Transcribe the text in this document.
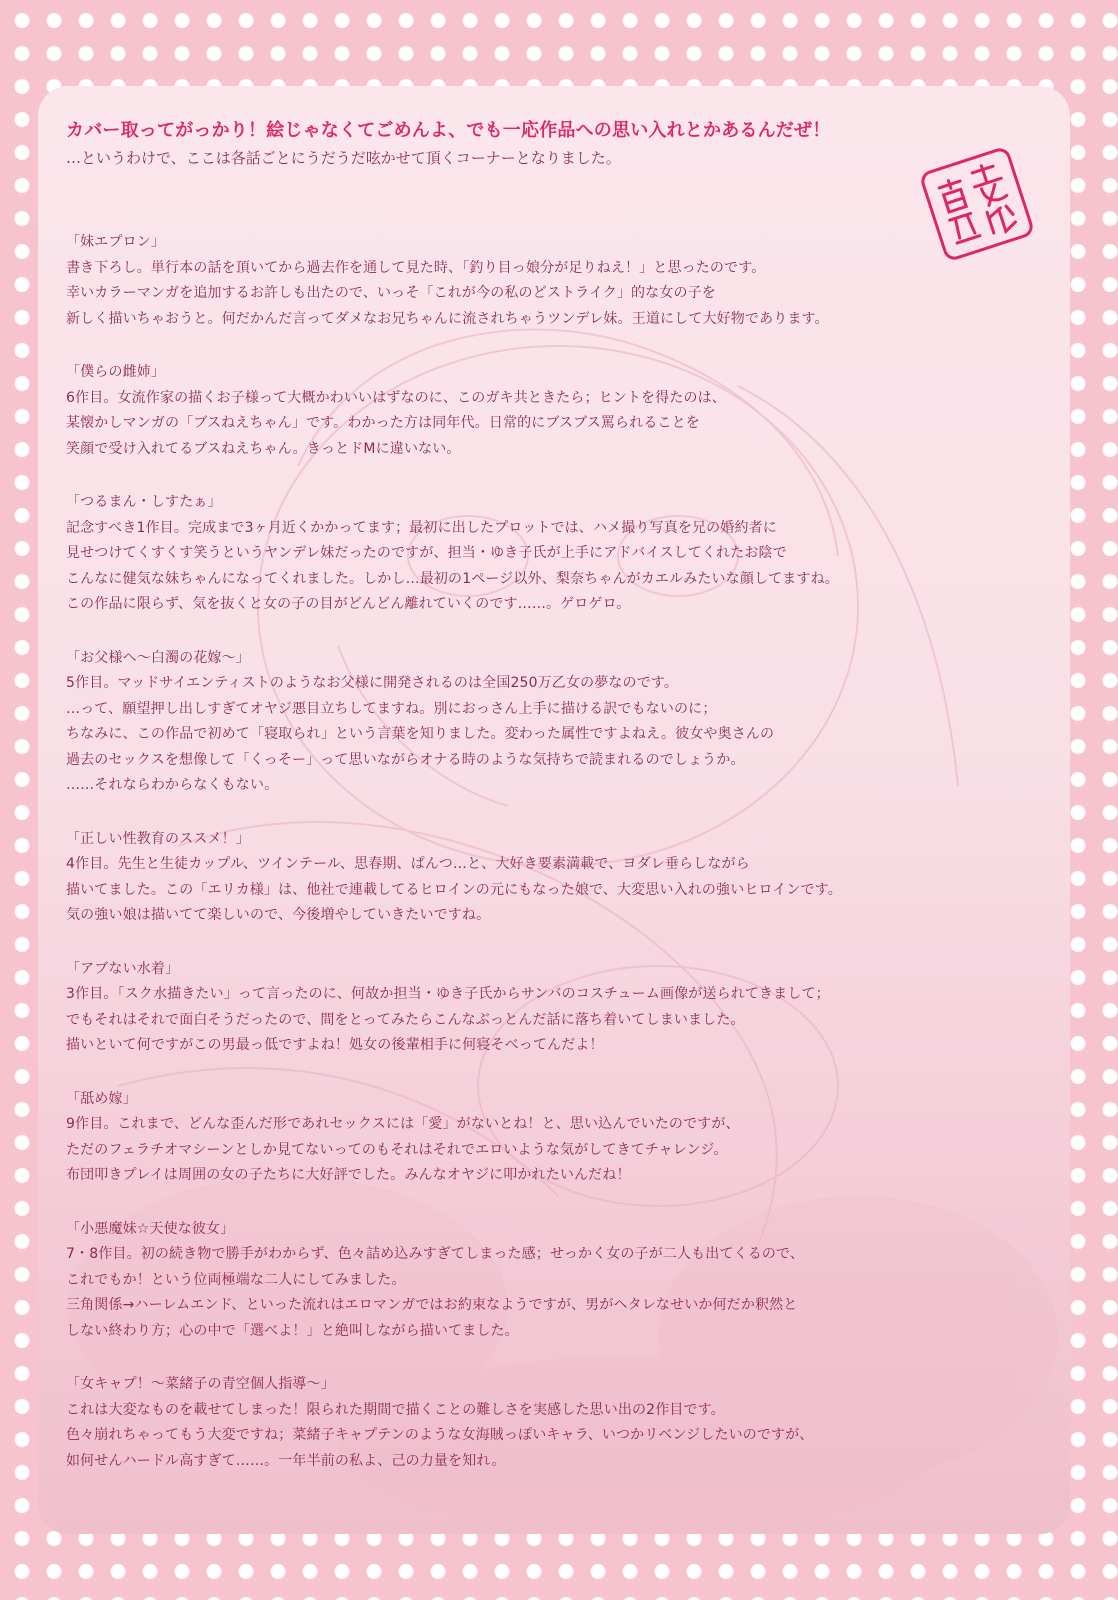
カバー取ってがっかり！絵じゃなくてごめんよ、でも一応作品への思い入れとかあるんだぜ！

…というわけで、ここは各話ごとにうだうだ呟かせて頂くコーナーとなりました。

「妹エプロン」

書き下ろし。単行本の話を頂いてから過去作を通して見た時、「釣り目っ娘分が足りねえ！」と思ったのです。

幸いカラーマンガを追加するお許しも出たので、いっそ「これが今の私のどストライク」的な女の子を

新しく描いちゃおうと。何だかんだ言ってダメなお兄ちゃんに流されちゃうツンデレ妹。王道にして大好物であります。

「僕らの雌姉」

6作目。女流作家の描くお子様って大概かわいいはずなのに、このガキ共ときたら；ヒントを得たのは、

某懐かしマンガの「ブスねえちゃん」です。わかった方は同年代。日常的にブスブス罵られることを

笑顔で受け入れてるブスねえちゃん。きっとドMに違いない。

「つるまん・しすたぁ」

記念すべき1作目。完成まで3ヶ月近くかかってます；最初に出したプロットでは、ハメ撮り写真を兄の婚約者に

見せつけてくすくす笑うというヤンデレ妹だったのですが、担当・ゆき子氏が上手にアドバイスしてくれたお陰で

こんなに健気な妹ちゃんになってくれました。しかし…最初の1ページ以外、梨奈ちゃんがカエルみたいな顔してますね。

この作品に限らず、気を抜くと女の子の目がどんどん離れていくのです……。ゲロゲロ。

「お父様へ～白濁の花嫁～」

5作目。マッドサイエンティストのようなお父様に開発されるのは全国250万乙女の夢なのです。

…って、願望押し出しすぎてオヤジ悪目立ちしてますね。別におっさん上手に描ける訳でもないのに；

ちなみに、この作品で初めて「寝取られ」という言葉を知りました。変わった属性ですよねえ。彼女や奥さんの

過去のセックスを想像して「くっそー」って思いながらオナる時のような気持ちで読まれるのでしょうか。

……それならわからなくもない。

「正しい性教育のススメ！」

4作目。先生と生徒カップル、ツインテール、思春期、ぱんつ…と、大好き要素満載で、ヨダレ垂らしながら

描いてました。この「エリカ様」は、他社で連載してるヒロインの元にもなった娘で、大変思い入れの強いヒロインです。

気の強い娘は描いてて楽しいので、今後増やしていきたいですね。

「アブない水着」

3作目。「スク水描きたい」って言ったのに、何故か担当・ゆき子氏からサンバのコスチューム画像が送られてきまして；

でもそれはそれで面白そうだったので、間をとってみたらこんなぶっとんだ話に落ち着いてしまいました。

描いといて何ですがこの男最っ低ですよね！処女の後輩相手に何寝そべってんだよ！

「舐め嫁」

9作目。これまで、どんな歪んだ形であれセックスには「愛」がないとね！と、思い込んでいたのですが、

ただのフェラチオマシーンとしか見てないってのもそれはそれでエロいような気がしてきてチャレンジ。

布団叩きプレイは周囲の女の子たちに大好評でした。みんなオヤジに叩かれたいんだね！

「小悪魔妹☆天使な彼女」

7・8作目。初の続き物で勝手がわからず、色々詰め込みすぎてしまった感；せっかく女の子が二人も出てくるので、

これでもか！という位両極端な二人にしてみました。

三角関係→ハーレムエンド、といった流れはエロマンガではお約束なようですが、男がヘタレなせいか何だか釈然と

しない終わり方；心の中で「選べよ！」と絶叫しながら描いてました。

「女キャプ！～菜緒子の青空個人指導～」

これは大変なものを載せてしまった！限られた期間で描くことの難しさを実感した思い出の2作目です。

色々崩れちゃってもう大変ですね；菜緒子キャプテンのような女海賊っぽいキャラ、いつかリベンジしたいのですが、

如何せんハードル高すぎて……。一年半前の私よ、己の力量を知れ。
